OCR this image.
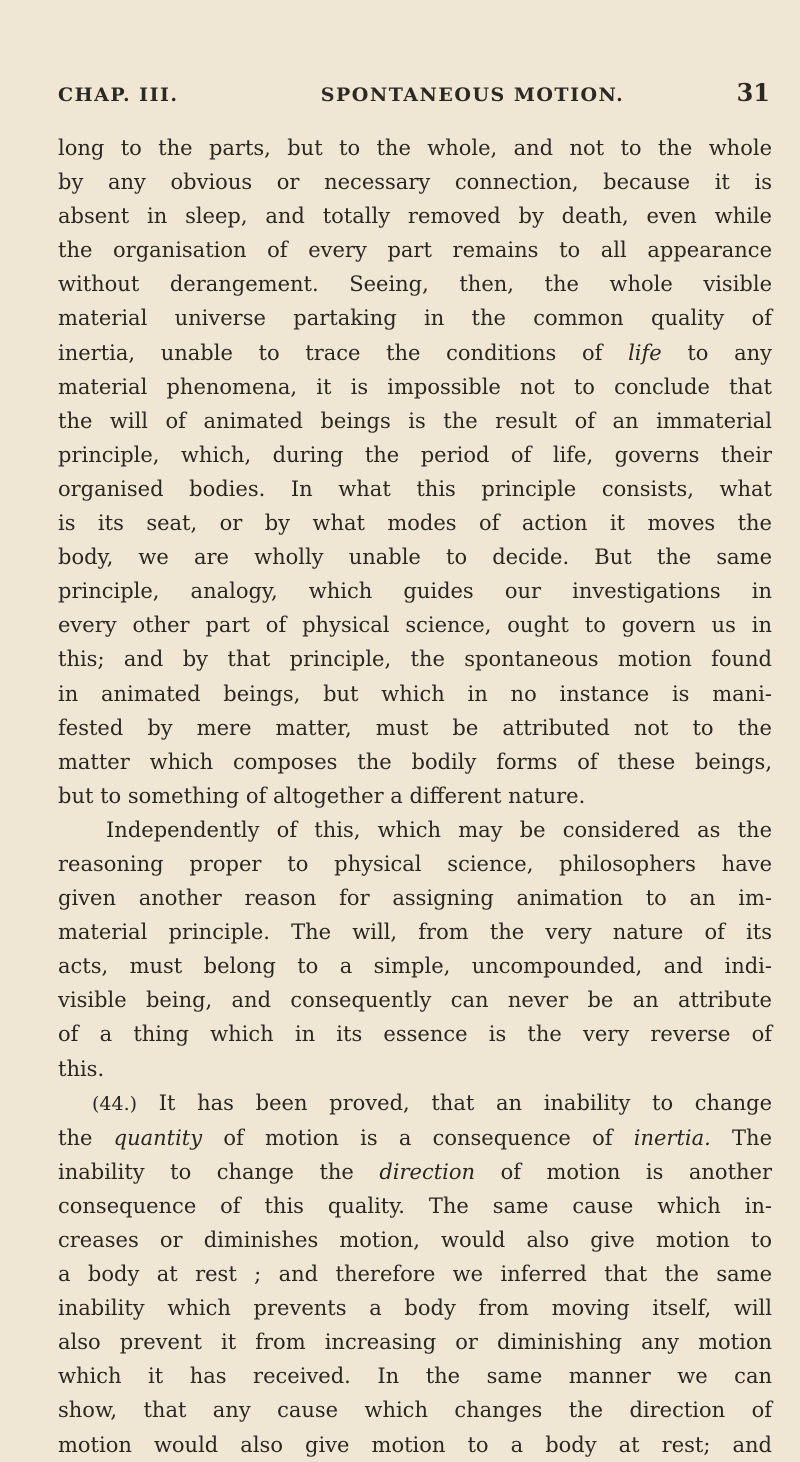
CHAP. III.	SPONTANEOUS MOTION.	31
long to the parts, but to the whole, and not to the whole
by any obvious or necessary connection, because it is
absent in sleep, and totally removed by death, even while
the organisation of every part remains to all appearance
without derangement. Seeing, then, the whole visible
material universe partaking in the common quality of
inertia, unable to trace the conditions of life to any
material phenomena, it is impossible not to conclude that
the will of animated beings is the result of an immaterial
principle, which, during the period of life, governs their
organised bodies. In what this principle consists, what
is its seat, or by what modes of action it moves the
body, we are wholly unable to decide. But the same
principle, analogy, which guides our investigations in
every other part of physical science, ought to govern us in
this; and by that principle, the spontaneous motion found
in animated beings, but which in no instance is mani-
fested by mere matter, must be attributed not to the
matter which composes the bodily forms of these beings,
but to something of altogether a different nature.
Independently of this, which may be considered as the
reasoning proper to physical science, philosophers have
given another reason for assigning animation to an im-
material principle. The will, from the very nature of its
acts, must belong to a simple, uncompounded, and indi-
visible being, and consequently can never be an attribute
of a thing which in its essence is the very reverse of
this.
(44.) It has been proved, that an inability to change
the quantity of motion is a consequence of inertia. The
inability to change the direction of motion is another
consequence of this quality. The same cause which in-
creases or diminishes motion, would also give motion to
a body at rest ; and therefore we inferred that the same
inability which prevents a body from moving itself, will
also prevent it from increasing or diminishing any motion
which it has received. In the same manner we can
show, that any cause which changes the direction of
motion would also give motion to a body at rest; and
